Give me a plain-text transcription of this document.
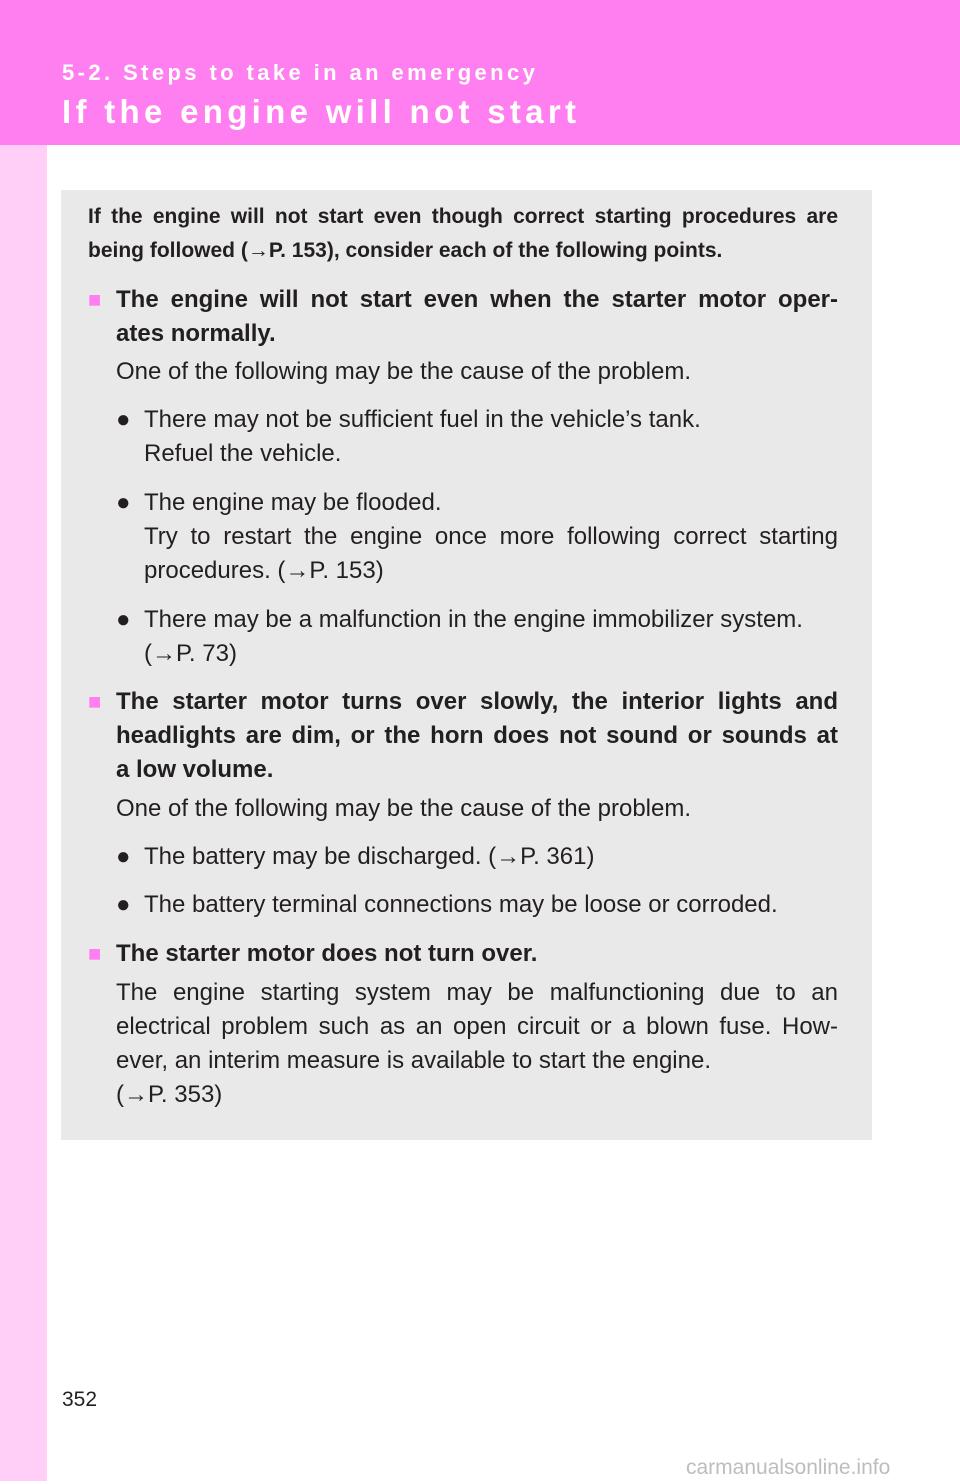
5-2. Steps to take in an emergency
If the engine will not start
If the engine will not start even though correct starting procedures are being followed (→P. 153), consider each of the following points.
■ The engine will not start even when the starter motor oper-
ates normally.
One of the following may be the cause of the problem.
● There may not be sufficient fuel in the vehicle’s tank.
Refuel the vehicle.
● The engine may be flooded.
Try to restart the engine once more following correct starting
procedures. (→P. 153)
● There may be a malfunction in the engine immobilizer system.
(→P. 73)
■ The starter motor turns over slowly, the interior lights and
headlights are dim, or the horn does not sound or sounds at
a low volume.
One of the following may be the cause of the problem.
● The battery may be discharged. (→P. 361)
● The battery terminal connections may be loose or corroded.
■ The starter motor does not turn over.
The engine starting system may be malfunctioning due to an
electrical problem such as an open circuit or a blown fuse. How-
ever, an interim measure is available to start the engine.
(→P. 353)
352
carmanualsonline.info
